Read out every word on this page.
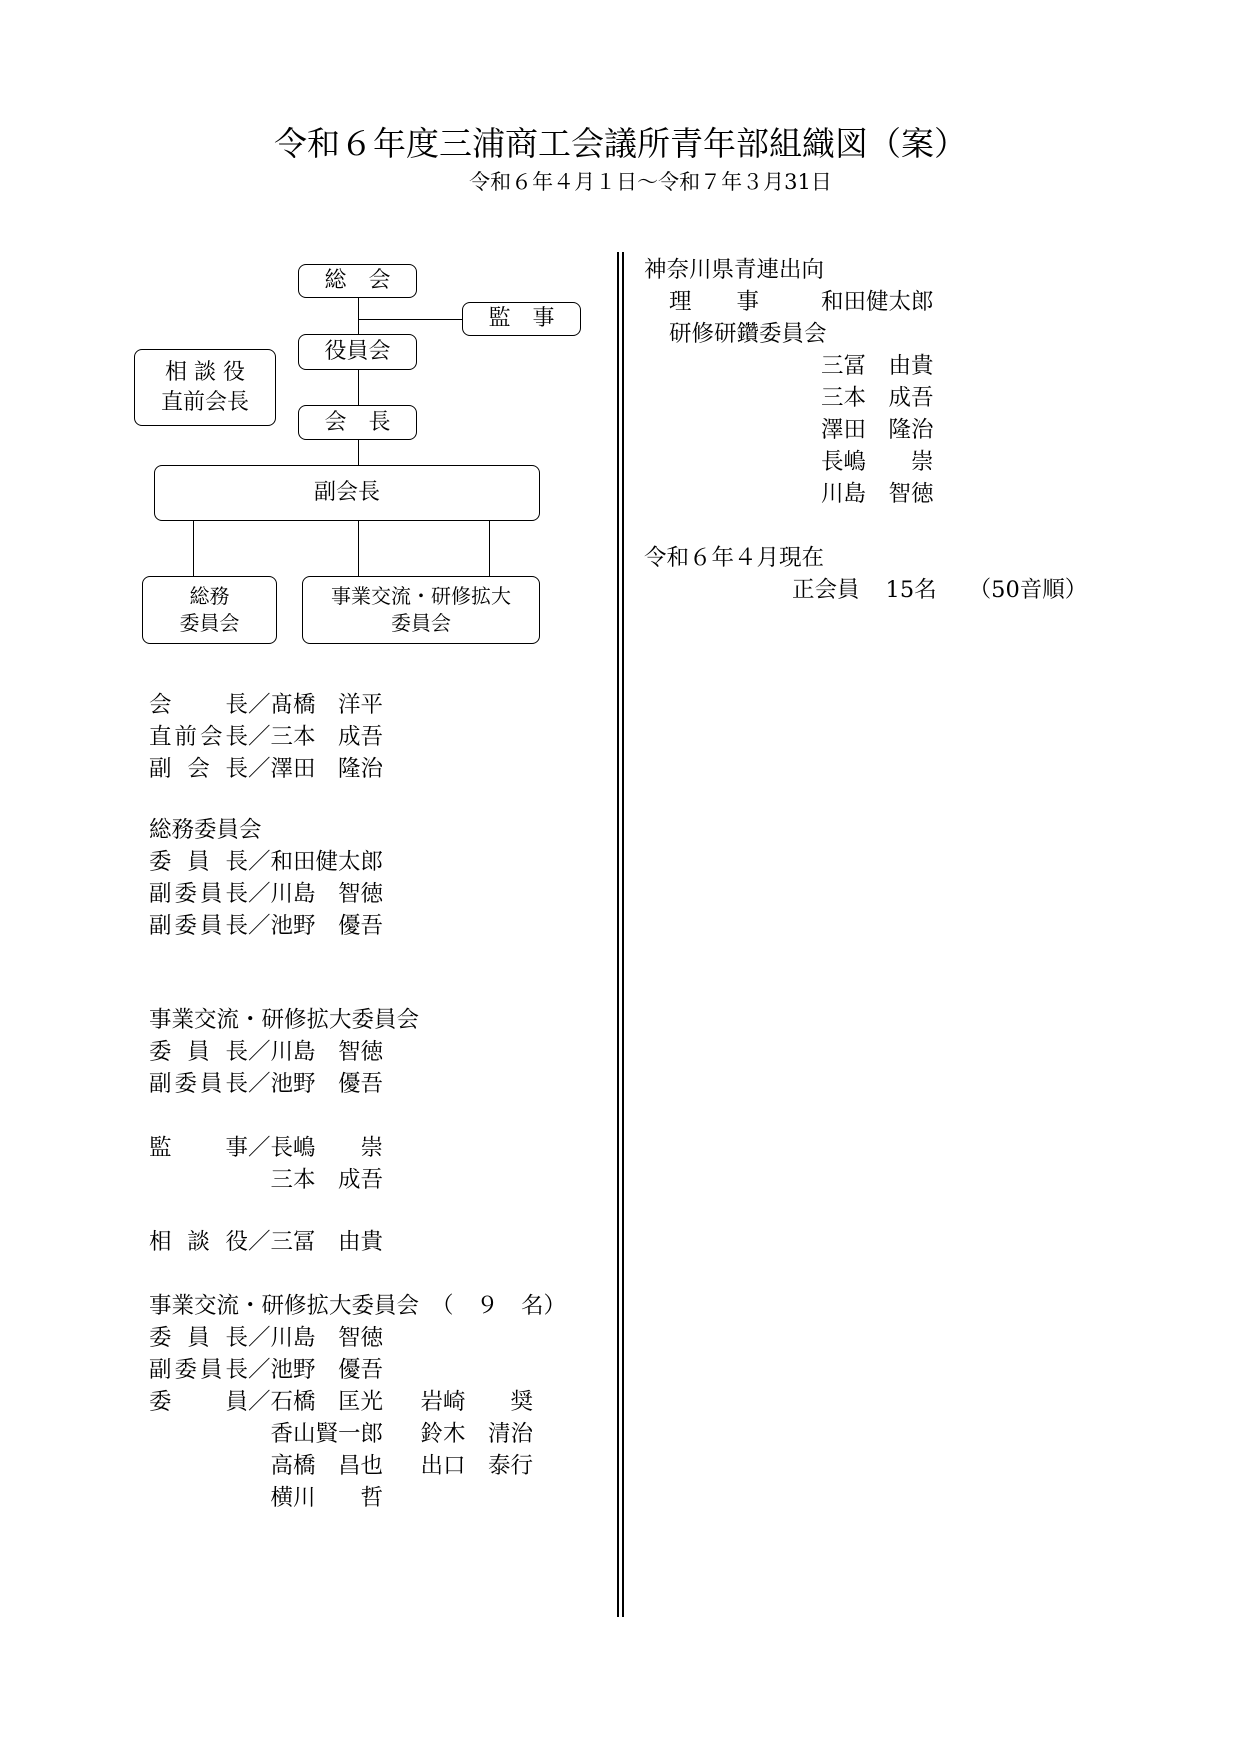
令和６年度三浦商工会議所青年部組織図（案）
令和６年４月１日～令和７年３月31日
総　会
監　事
役員会
相 談 役
直前会長
会　長
副会長
総務
委員会
事業交流・研修拡大
委員会
会 長 ／ 髙橋　洋平
直 前 会 長 ／ 三本　成吾
副 会 長 ／ 澤田　隆治
総務委員会
委 員 長 ／ 和田健太郎
副 委 員 長 ／ 川島　智徳
副 委 員 長 ／ 池野　優吾
事業交流・研修拡大委員会
委 員 長 ／ 川島　智徳
副 委 員 長 ／ 池野　優吾
監 事 ／ 長嶋　　崇
三本　成吾
相 談 役 ／ 三冨　由貴
事業交流・研修拡大委員会 （　９　名）
委 員 長 ／ 川島　智徳
副 委 員 長 ／ 池野　優吾
委 員 ／ 石橋　匡光	岩崎　　奨
香山賢一郎	鈴木　清治
高橋　昌也	出口　泰行
横川　　哲
神奈川県青連出向
理　　事	和田健太郎
研修研鑽委員会
三冨　由貴
三本　成吾
澤田　隆治
長嶋　　崇
川島　智徳
令和６年４月現在
正会員 15名 （50音順）
